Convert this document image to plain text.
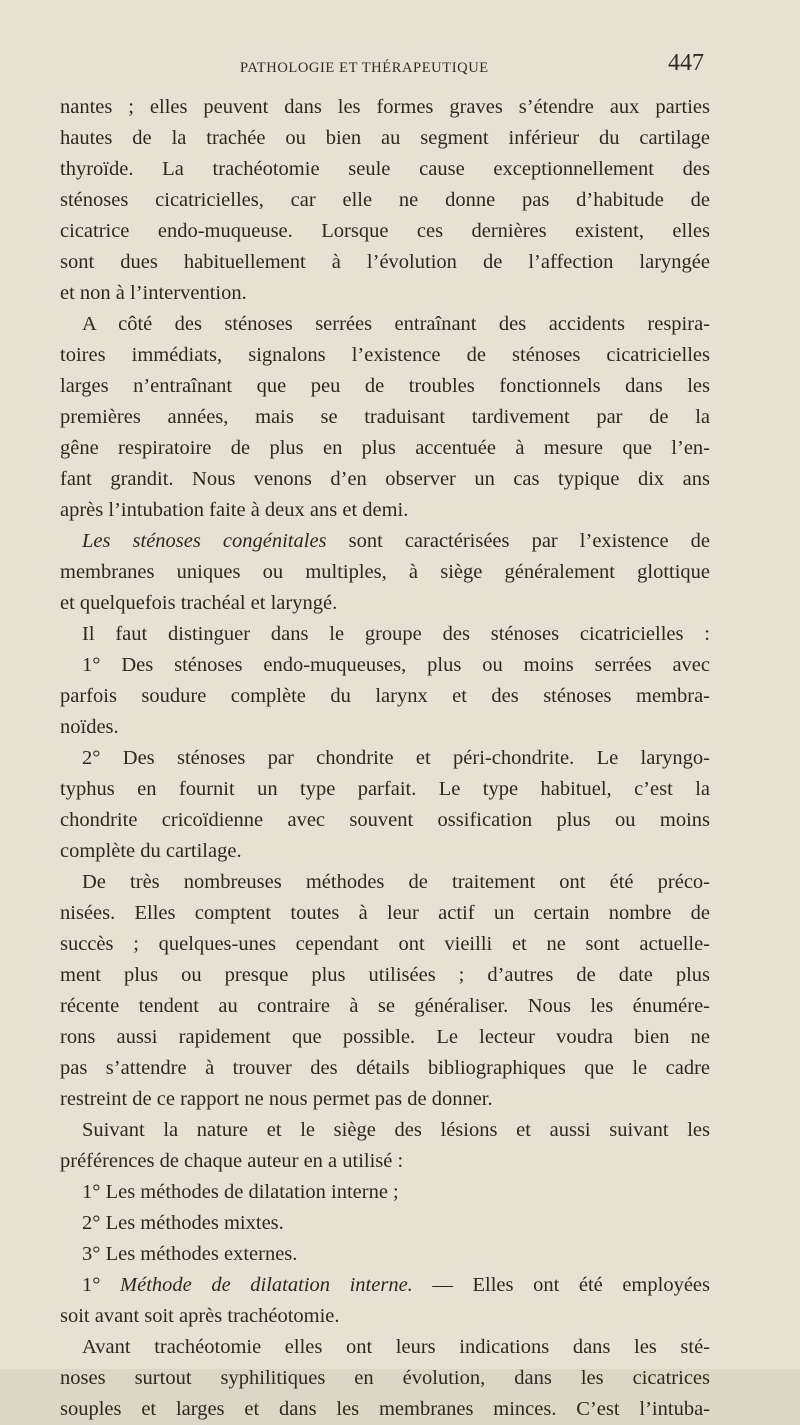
PATHOLOGIE ET THÉRAPEUTIQUE	447
nantes ; elles peuvent dans les formes graves s’étendre aux parties
hautes de la trachée ou bien au segment inférieur du cartilage
thyroïde. La trachéotomie seule cause exceptionnellement des
sténoses cicatricielles, car elle ne donne pas d’habitude de
cicatrice endo-muqueuse. Lorsque ces dernières existent, elles
sont dues habituellement à l’évolution de l’affection laryngée
et non à l’intervention.
A côté des sténoses serrées entraînant des accidents respira-
toires immédiats, signalons l’existence de sténoses cicatricielles
larges n’entraînant que peu de troubles fonctionnels dans les
premières années, mais se traduisant tardivement par de la
gêne respiratoire de plus en plus accentuée à mesure que l’en-
fant grandit. Nous venons d’en observer un cas typique dix ans
après l’intubation faite à deux ans et demi.
Les sténoses congénitales sont caractérisées par l’existence de
membranes uniques ou multiples, à siège généralement glottique
et quelquefois trachéal et laryngé.
Il faut distinguer dans le groupe des sténoses cicatricielles :
1° Des sténoses endo-muqueuses, plus ou moins serrées avec
parfois soudure complète du larynx et des sténoses membra-
noïdes.
2° Des sténoses par chondrite et péri-chondrite. Le laryngo-
typhus en fournit un type parfait. Le type habituel, c’est la
chondrite cricoïdienne avec souvent ossification plus ou moins
complète du cartilage.
De très nombreuses méthodes de traitement ont été préco-
nisées. Elles comptent toutes à leur actif un certain nombre de
succès ; quelques-unes cependant ont vieilli et ne sont actuelle-
ment plus ou presque plus utilisées ; d’autres de date plus
récente tendent au contraire à se généraliser. Nous les énumére-
rons aussi rapidement que possible. Le lecteur voudra bien ne
pas s’attendre à trouver des détails bibliographiques que le cadre
restreint de ce rapport ne nous permet pas de donner.
Suivant la nature et le siège des lésions et aussi suivant les
préférences de chaque auteur en a utilisé :
1° Les méthodes de dilatation interne ;
2° Les méthodes mixtes.
3° Les méthodes externes.
1° Méthode de dilatation interne. — Elles ont été employées
soit avant soit après trachéotomie.
Avant trachéotomie elles ont leurs indications dans les sté-
noses surtout syphilitiques en évolution, dans les cicatrices
souples et larges et dans les membranes minces. C’est l’intuba-
